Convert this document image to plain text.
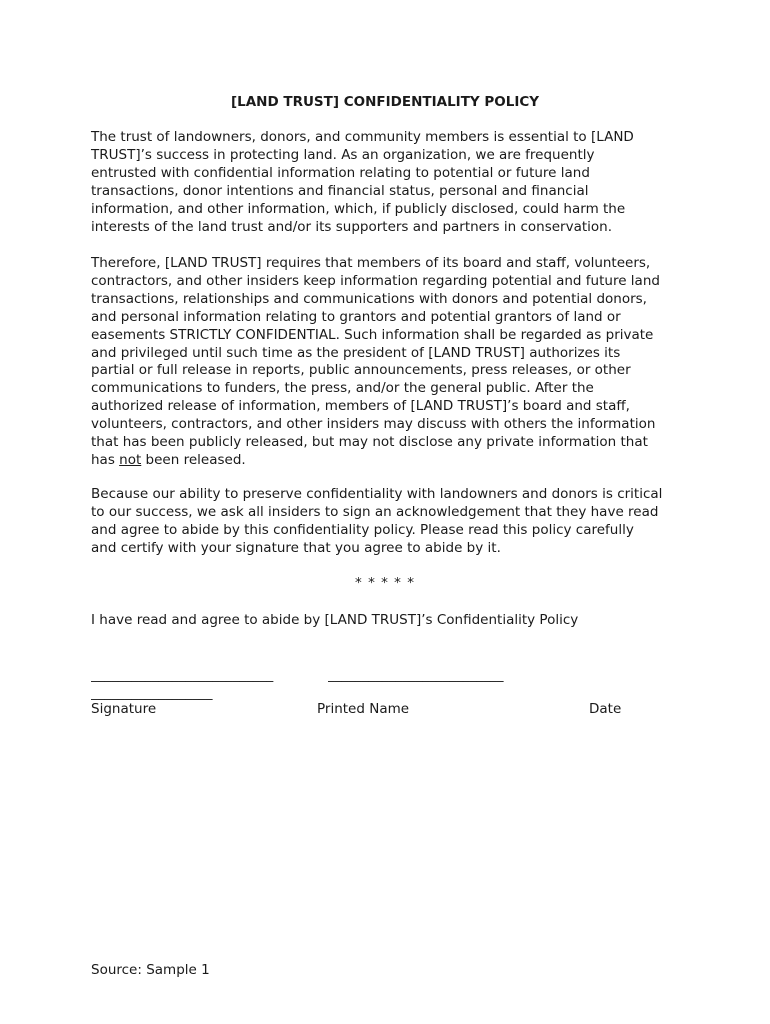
[LAND TRUST] CONFIDENTIALITY POLICY

The trust of landowners, donors, and community members is essential to [LAND
TRUST]’s success in protecting land. As an organization, we are frequently
entrusted with confidential information relating to potential or future land
transactions, donor intentions and financial status, personal and financial
information, and other information, which, if publicly disclosed, could harm the
interests of the land trust and/or its supporters and partners in conservation.

Therefore, [LAND TRUST] requires that members of its board and staff, volunteers,
contractors, and other insiders keep information regarding potential and future land
transactions, relationships and communications with donors and potential donors,
and personal information relating to grantors and potential grantors of land or
easements STRICTLY CONFIDENTIAL. Such information shall be regarded as private
and privileged until such time as the president of [LAND TRUST] authorizes its
partial or full release in reports, public announcements, press releases, or other
communications to funders, the press, and/or the general public. After the
authorized release of information, members of [LAND TRUST]’s board and staff,
volunteers, contractors, and other insiders may discuss with others the information
that has been publicly released, but may not disclose any private information that
has not been released.

Because our ability to preserve confidentiality with landowners and donors is critical
to our success, we ask all insiders to sign an acknowledgement that they have read
and agree to abide by this confidentiality policy. Please read this policy carefully
and certify with your signature that you agree to abide by it.

* * * * *
I have read and agree to abide by [LAND TRUST]’s Confidentiality Policy
___________________________	__________________________
__________________
Signature	Printed Name	Date
Source: Sample 1
